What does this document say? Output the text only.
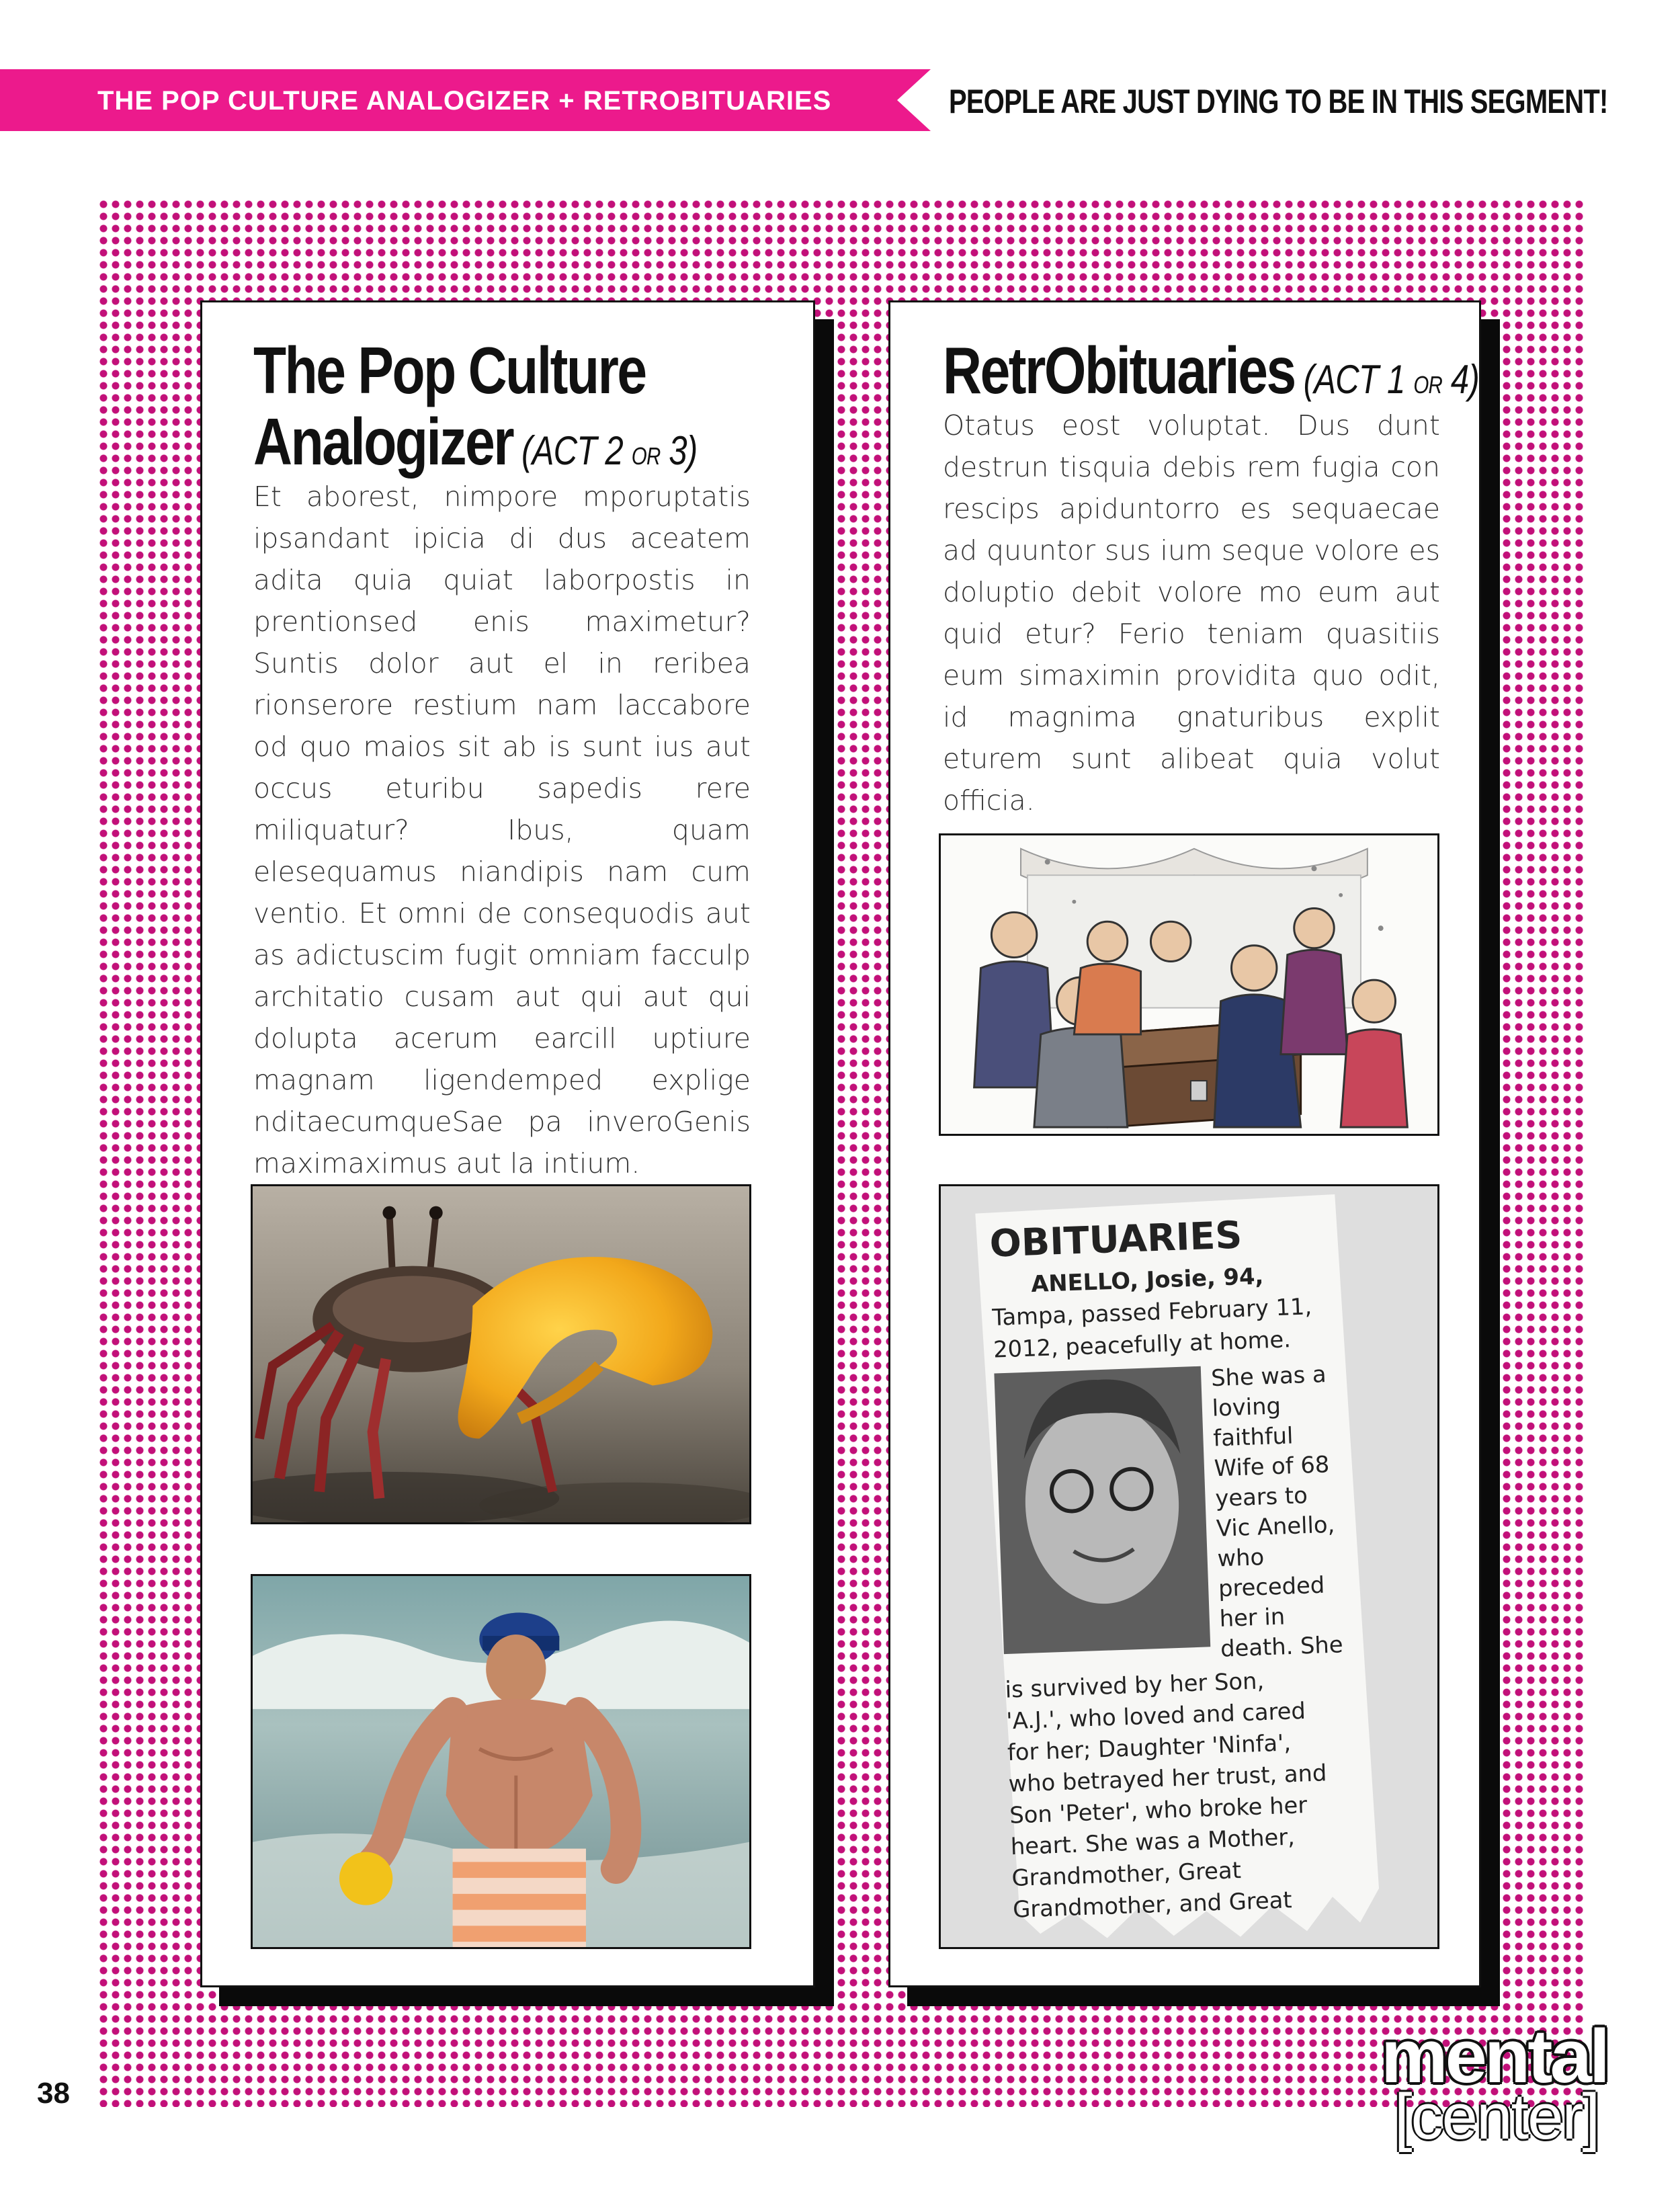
THE POP CULTURE ANALOGIZER + RETROBITUARIES	PEOPLE ARE JUST DYING TO BE IN THIS SEGMENT!
The Pop Culture
Analogizer (ACT 2 OR 3)
Et aborest, nimpore mporuptatis ipsandant ipicia di dus aceatem adita quia quiat laborpostis in prentionsed enis maximetur? Suntis dolor aut el in reribea rionserore restium nam laccabore od quo maios sit ab is sunt ius aut occus eturibu sapedis rere miliquatur? Ibus, quam elesequamus niandipis nam cum ventio. Et omni de consequodis aut as adictuscim fugit omniam facculp architatio cusam aut qui aut qui dolupta acerum earcill uptiure magnam ligendemped explige nditaecumqueSae pa inveroGenis maximaximus aut la intium.
RetrObituaries (ACT 1 OR 4)
Otatus eost voluptat. Dus dunt destrun tisquia debis rem fugia con rescips apiduntorro es sequaecae ad quuntor sus ium seque volore es doluptio debit volore mo eum aut quid etur? Ferio teniam quasitiis eum simaximin providita quo odit, id magnima gnaturibus explit eturem sunt alibeat quia volut officia.
OBITUARIES
ANELLO, Josie, 94,
Tampa, passed February 11,
2012, peacefully at home.
She was a
loving
faithful
Wife of 68
years to
Vic Anello,
who
preceded
her in
death. She
is survived by her Son,
'A.J.', who loved and cared
for her; Daughter 'Ninfa',
who betrayed her trust, and
Son 'Peter', who broke her
heart. She was a Mother,
Grandmother, Great
Grandmother, and Great
38	mental
[center]
